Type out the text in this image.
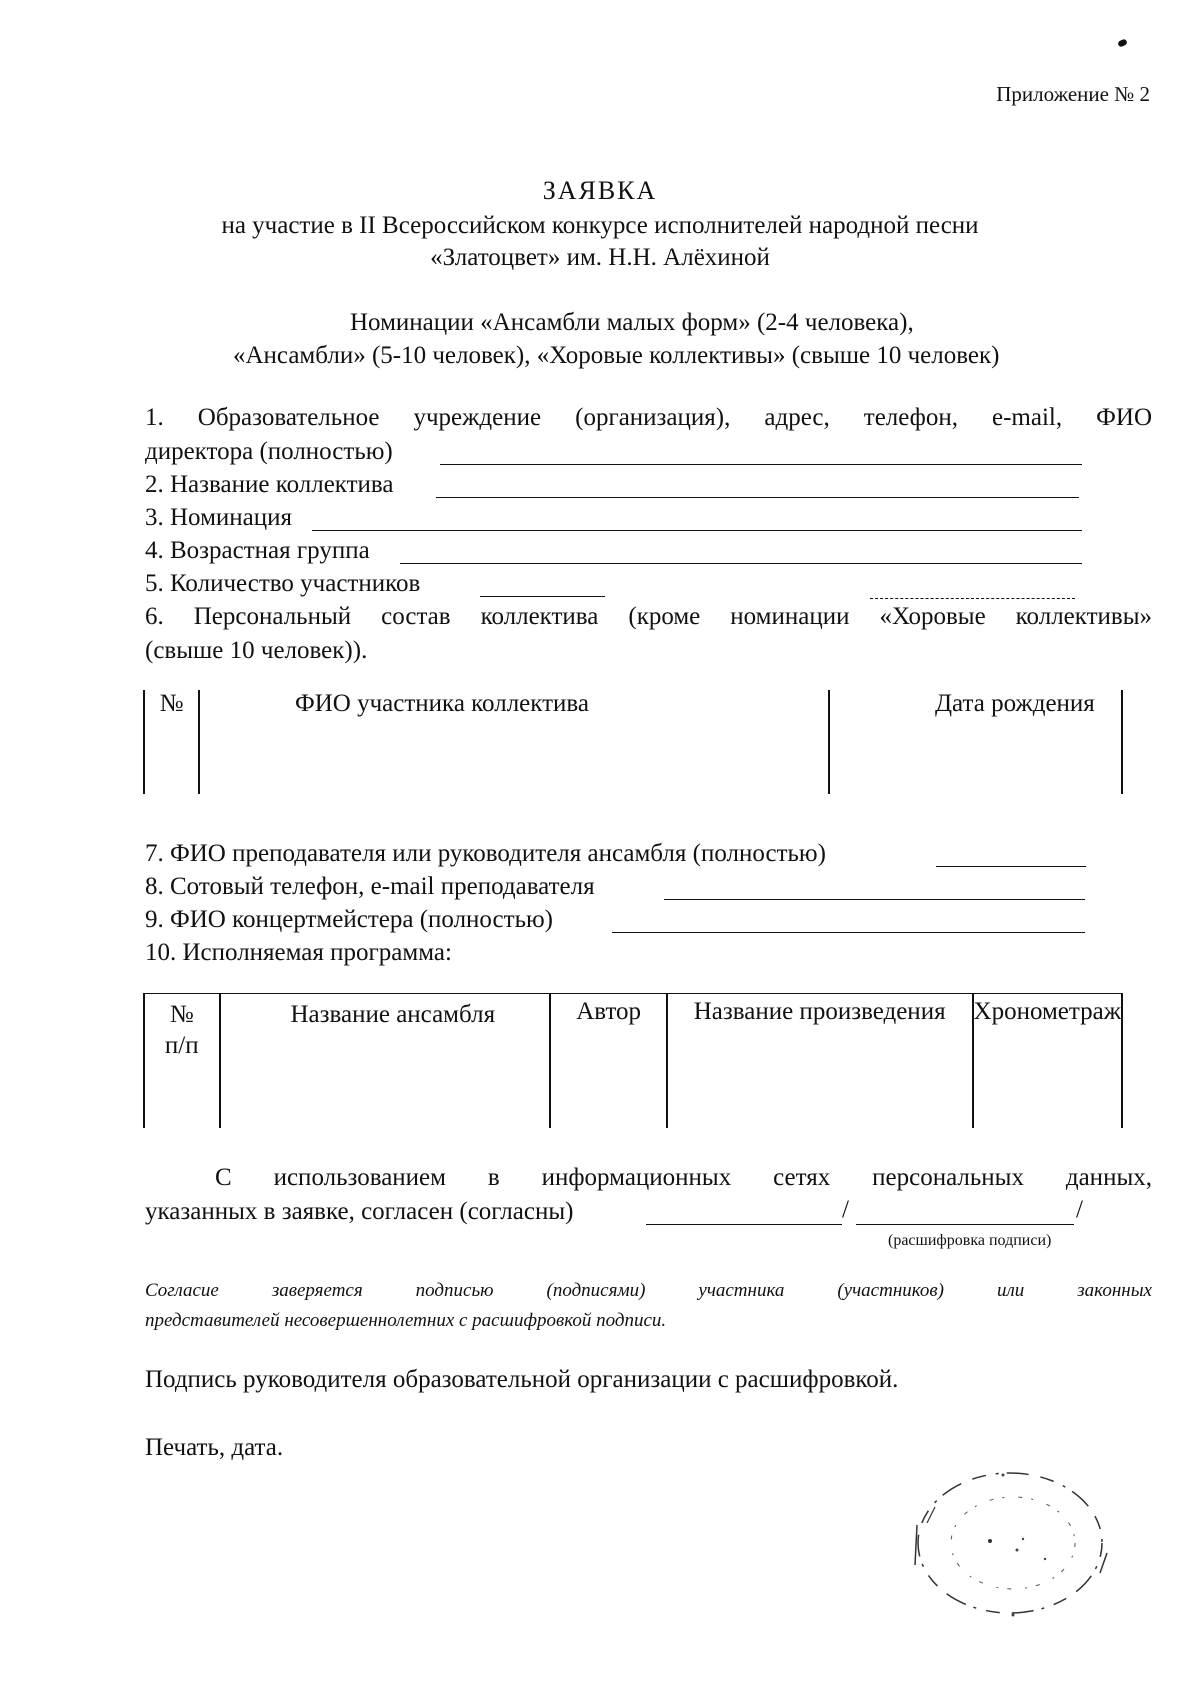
Приложение № 2
ЗАЯВКА
на участие в II Всероссийском конкурсе исполнителей народной песни
«Златоцвет» им. Н.Н. Алёхиной
Номинации «Ансамбли малых форм» (2-4 человека),
«Ансамбли» (5-10 человек), «Хоровые коллективы» (свыше 10 человек)
1. Образовательное учреждение (организация), адрес, телефон, e-mail, ФИО
директора (полностью)
2. Название коллектива
3. Номинация
4. Возрастная группа
5. Количество участников
6. Персональный состав коллектива (кроме номинации «Хоровые коллективы»
(свыше 10 человек)).
№	ФИО участника коллектива	Дата рождения
7. ФИО преподавателя или руководителя ансамбля (полностью)
8. Сотовый телефон, e-mail преподавателя
9. ФИО концертмейстера (полностью)
10. Исполняемая программа:
№ п/п	Название ансамбля	Автор	Название произведения	Хронометраж
С использованием в информационных сетях персональных данных,
указанных в заявке, согласен (согласны)	/	/
(расшифровка подписи)
Согласие заверяется подписью (подписями) участника (участников) или законных
представителей несовершеннолетних с расшифровкой подписи.
Подпись руководителя образовательной организации с расшифровкой.
Печать, дата.
